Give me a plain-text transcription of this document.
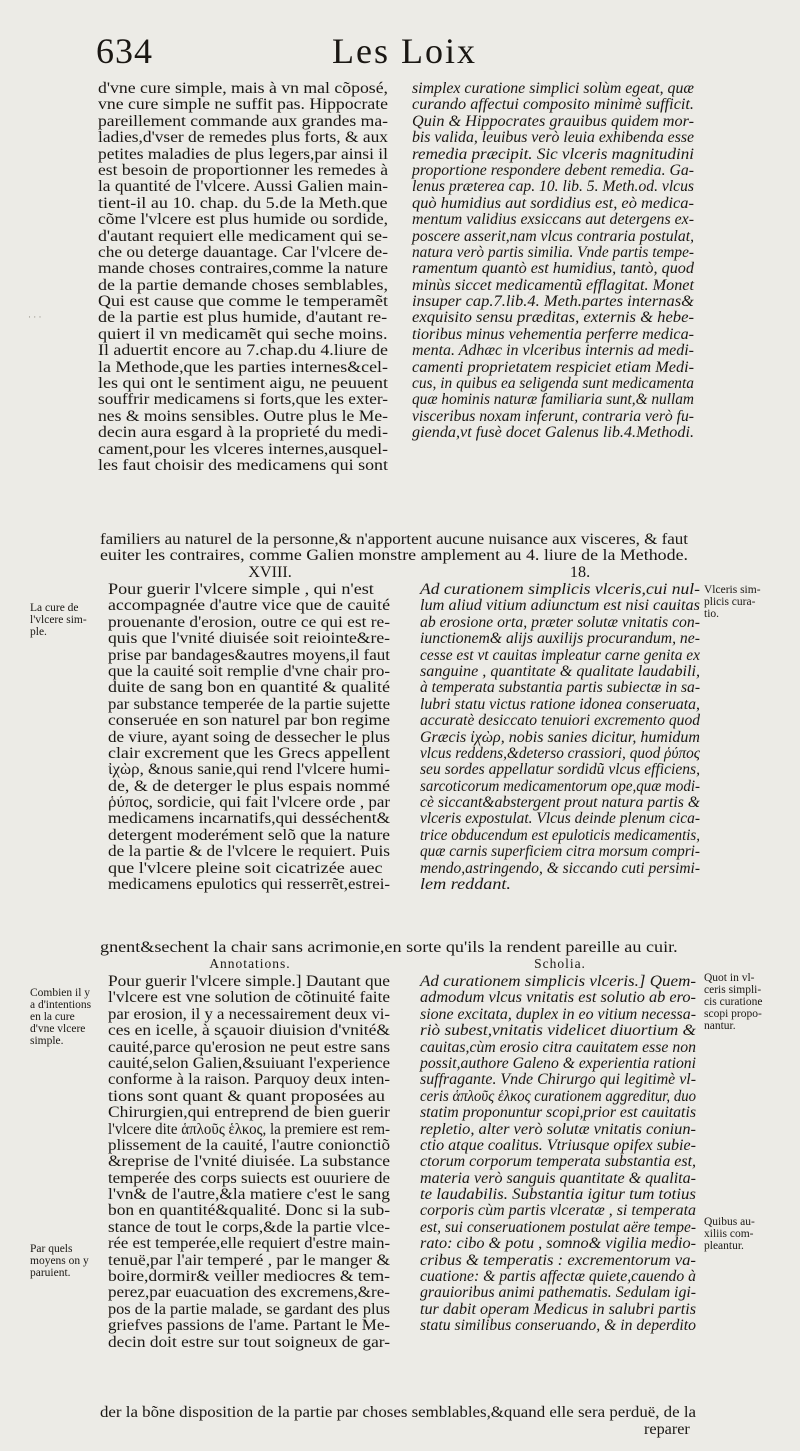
634	Les Loix
d'vne cure simple, mais à vn mal cõposé,
vne cure simple ne suffit pas. Hippocrate
pareillement commande aux grandes ma-
ladies,d'vser de remedes plus forts, & aux
petites maladies de plus legers,par ainsi il
est besoin de proportionner les remedes à
la quantité de l'vlcere. Aussi Galien main-
tient-il au 10. chap. du 5.de la Meth.que
cõme l'vlcere est plus humide ou sordide,
d'autant requiert elle medicament qui se-
che ou deterge dauantage. Car l'vlcere de-
mande choses contraires,comme la nature
de la partie demande choses semblables,
Qui est cause que comme le temperamẽt
de la partie est plus humide, d'autant re-
quiert il vn medicamẽt qui seche moins.
Il aduertit encore au 7.chap.du 4.liure de
la Methode,que les parties internes&cel-
les qui ont le sentiment aigu, ne peuuent
souffrir medicamens si forts,que les exter-
nes & moins sensibles. Outre plus le Me-
decin aura esgard à la proprieté du medi-
cament,pour les vlceres internes,ausquel-
les faut choisir des medicamens qui sont
simplex curatione simplici solùm egeat, quæ
curando affectui composito minimè sufficit.
Quin & Hippocrates grauibus quidem mor-
bis valida, leuibus verò leuia exhibenda esse
remedia præcipit. Sic vlceris magnitudini
proportione respondere debent remedia. Ga-
lenus præterea cap. 10. lib. 5. Meth.od. vlcus
quò humidius aut sordidius est, eò medica-
mentum validius exsiccans aut detergens ex-
poscere asserit,nam vlcus contraria postulat,
natura verò partis similia. Vnde partis tempe-
ramentum quantò est humidius, tantò, quod
minùs siccet medicamentũ efflagitat. Monet
insuper cap.7.lib.4. Meth.partes internas&
exquisito sensu præditas, externis & hebe-
tioribus minus vehementia perferre medica-
menta. Adhæc in vlceribus internis ad medi-
camenti proprietatem respiciet etiam Medi-
cus, in quibus ea seligenda sunt medicamenta
quæ hominis naturæ familiaria sunt,& nullam
visceribus noxam inferunt, contraria verò fu-
gienda,vt fusè docet Galenus lib.4.Methodi.
familiers au naturel de la personne,& n'apportent aucune nuisance aux visceres, & faut
euiter les contraires, comme Galien monstre amplement au 4. liure de la Methode.
XVIII.	18.
Pour guerir l'vlcere simple , qui n'est
accompagnée d'autre vice que de cauité
prouenante d'erosion, outre ce qui est re-
quis que l'vnité diuisée soit reiointe&re-
prise par bandages&autres moyens,il faut
que la cauité soit remplie d'vne chair pro-
duite de sang bon en quantité & qualité
par substance temperée de la partie sujette
conseruée en son naturel par bon regime
de viure, ayant soing de dessecher le plus
clair excrement que les Grecs appellent
ἰχὼρ, &nous sanie,qui rend l'vlcere humi-
de, & de deterger le plus espais nommé
ῥύπος, sordicie, qui fait l'vlcere orde , par
medicamens incarnatifs,qui desséchent&
detergent moderément selõ que la nature
de la partie & de l'vlcere le requiert. Puis
que l'vlcere pleine soit cicatrizée auec
medicamens epulotics qui resserrẽt,estrei-
Ad curationem simplicis vlceris,cui nul-
lum aliud vitium adiunctum est nisi cauitas
ab erosione orta, præter solutæ vnitatis con-
iunctionem& alijs auxilijs procurandum, ne-
cesse est vt cauitas impleatur carne genita ex
sanguine , quantitate & qualitate laudabili,
à temperata substantia partis subiectæ in sa-
lubri statu victus ratione idonea conseruata,
accuratè desiccato tenuiori excremento quod
Græcis ἰχὼρ, nobis sanies dicitur, humidum
vlcus reddens,&deterso crassiori, quod ῥύπος
seu sordes appellatur sordidũ vlcus efficiens,
sarcoticorum medicamentorum ope,quæ modi-
cè siccant&abstergent prout natura partis &
vlceris expostulat. Vlcus deinde plenum cica-
trice obducendum est epuloticis medicamentis,
quæ carnis superficiem citra morsum compri-
mendo,astringendo, & siccando cuti persimi-
lem reddant.
gnent&sechent la chair sans acrimonie,en sorte qu'ils la rendent pareille au cuir.
Annotations.	Scholia.
Pour guerir l'vlcere simple.] Dautant que
l'vlcere est vne solution de cõtinuité faite
par erosion, il y a necessairement deux vi-
ces en icelle, à sçauoir diuision d'vnité&
cauité,parce qu'erosion ne peut estre sans
cauité,selon Galien,&suiuant l'experience
conforme à la raison. Parquoy deux inten-
tions sont quant & quant proposées au
Chirurgien,qui entreprend de bien guerir
l'vlcere dite ἁπλοῦς ἑλκος, la premiere est rem-
plissement de la cauité, l'autre conionctiõ
&reprise de l'vnité diuisée. La substance
temperée des corps suiects est ouuriere de
l'vn& de l'autre,&la matiere c'est le sang
bon en quantité&qualité. Donc si la sub-
stance de tout le corps,&de la partie vlce-
rée est temperée,elle requiert d'estre main-
tenuë,par l'air temperé , par le manger &
boire,dormir& veiller mediocres & tem-
perez,par euacuation des excremens,&re-
pos de la partie malade, se gardant des plus
griefves passions de l'ame. Partant le Me-
decin doit estre sur tout soigneux de gar-
Ad curationem simplicis vlceris.] Quem-
admodum vlcus vnitatis est solutio ab ero-
sione excitata, duplex in eo vitium necessa-
riò subest,vnitatis videlicet diuortium &
cauitas,cùm erosio citra cauitatem esse non
possit,authore Galeno & experientia rationi
suffragante. Vnde Chirurgo qui legitimè vl-
ceris ἁπλοῦς ἑλκος curationem aggreditur, duo
statim proponuntur scopi,prior est cauitatis
repletio, alter verò solutæ vnitatis coniun-
ctio atque coalitus. Vtriusque opifex subie-
ctorum corporum temperata substantia est,
materia verò sanguis quantitate & qualita-
te laudabilis. Substantia igitur tum totius
corporis cùm partis vlceratæ , si temperata
est, sui conseruationem postulat aëre tempe-
rato: cibo & potu , somno& vigilia medio-
cribus & temperatis : excrementorum va-
cuatione: & partis affectæ quiete,cauendo à
grauioribus animi pathematis. Sedulam igi-
tur dabit operam Medicus in salubri partis
statu similibus conseruando, & in deperdito
der la bõne disposition de la partie par choses semblables,&quand elle sera perduë, de la
reparer
La cure de
l'vlcere sim-
ple.
Combien il y
a d'intentions
en la cure
d'vne vlcere
simple.
Par quels
moyens on y
paruient.
Vlceris sim-
plicis cura-
tio.
Quot in vl-
ceris simpli-
cis curatione
scopi propo-
nantur.
Quibus au-
xiliis com-
pleantur.
· · ·
